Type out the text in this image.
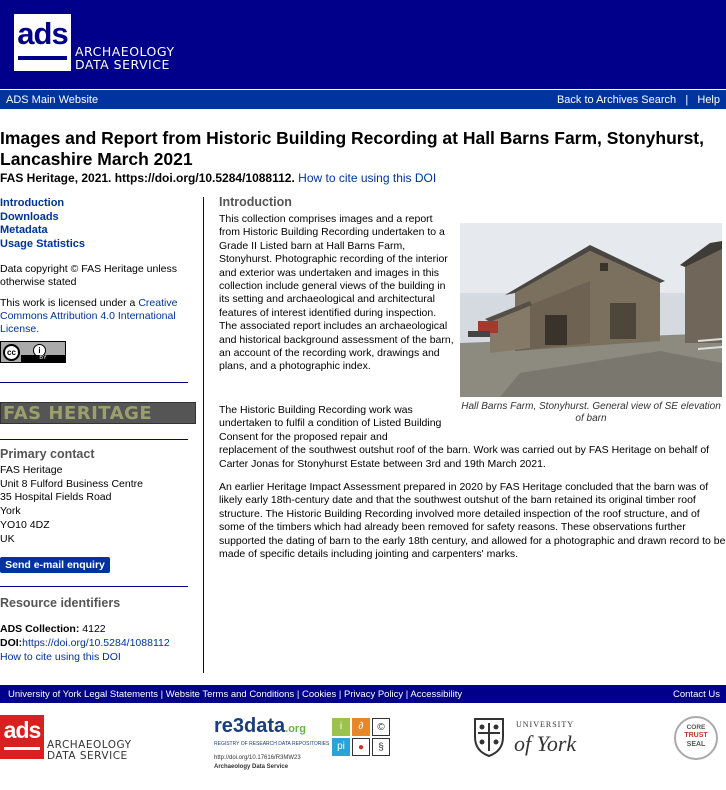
ads
ARCHAEOLOGY
DATA SERVICE
ADS Main Website	Back to Archives Search | Help
Images and Report from Historic Building Recording at Hall Barns Farm, Stonyhurst, Lancashire March 2021
FAS Heritage, 2021. https://doi.org/10.5284/1088112. How to cite using this DOI
Introduction
Downloads
Metadata
Usage Statistics
Data copyright © FAS Heritage unless otherwise stated
This work is licensed under a Creative Commons Attribution 4.0 International License.
cc	i
BY
FAS HERITAGE
Primary contact
FAS Heritage
Unit 8 Fulford Business Centre
35 Hospital Fields Road
York
YO10 4DZ
UK
Send e-mail enquiry
Resource identifiers
ADS Collection: 4122
DOI:https://doi.org/10.5284/1088112
How to cite using this DOI
Introduction
This collection comprises images and a report from Historic Building Recording undertaken to a Grade II Listed barn at Hall Barns Farm, Stonyhurst. Photographic recording of the interior and exterior was undertaken and images in this collection include general views of the building in its setting and archaeological and architectural features of interest identified during inspection. The associated report includes an archaeological and historical background assessment of the barn, an account of the recording work, drawings and plans, and a photographic index.
Hall Barns Farm, Stonyhurst. General view of SE elevation of barn
The Historic Building Recording work was undertaken to fulfil a condition of Listed Building Consent for the proposed repair and
replacement of the southwest outshut roof of the barn. Work was carried out by FAS Heritage on behalf of Carter Jonas for Stonyhurst Estate between 3rd and 19th March 2021.
An earlier Heritage Impact Assessment prepared in 2020 by FAS Heritage concluded that the barn was of likely early 18th-century date and that the southwest outshut of the barn retained its original timber roof structure. The Historic Building Recording involved more detailed inspection of the roof structure, and of some of the timbers which had already been removed for safety reasons. These observations further supported the dating of barn to the early 18th century, and allowed for a photographic and drawn record to be made of specific details including jointing and carpenters' marks.
University of York Legal Statements | Website Terms and Conditions | Cookies | Privacy Policy | Accessibility	Contact Us
ads
ARCHAEOLOGY
DATA SERVICE
re3data.org
REGISTRY OF RESEARCH DATA REPOSITORIES
http://doi.org/10.17616/R3MW23
Archaeology Data Service
i	∂	©
pi	●	§
UNIVERSITY
of York
CORE
TRUST
SEAL
